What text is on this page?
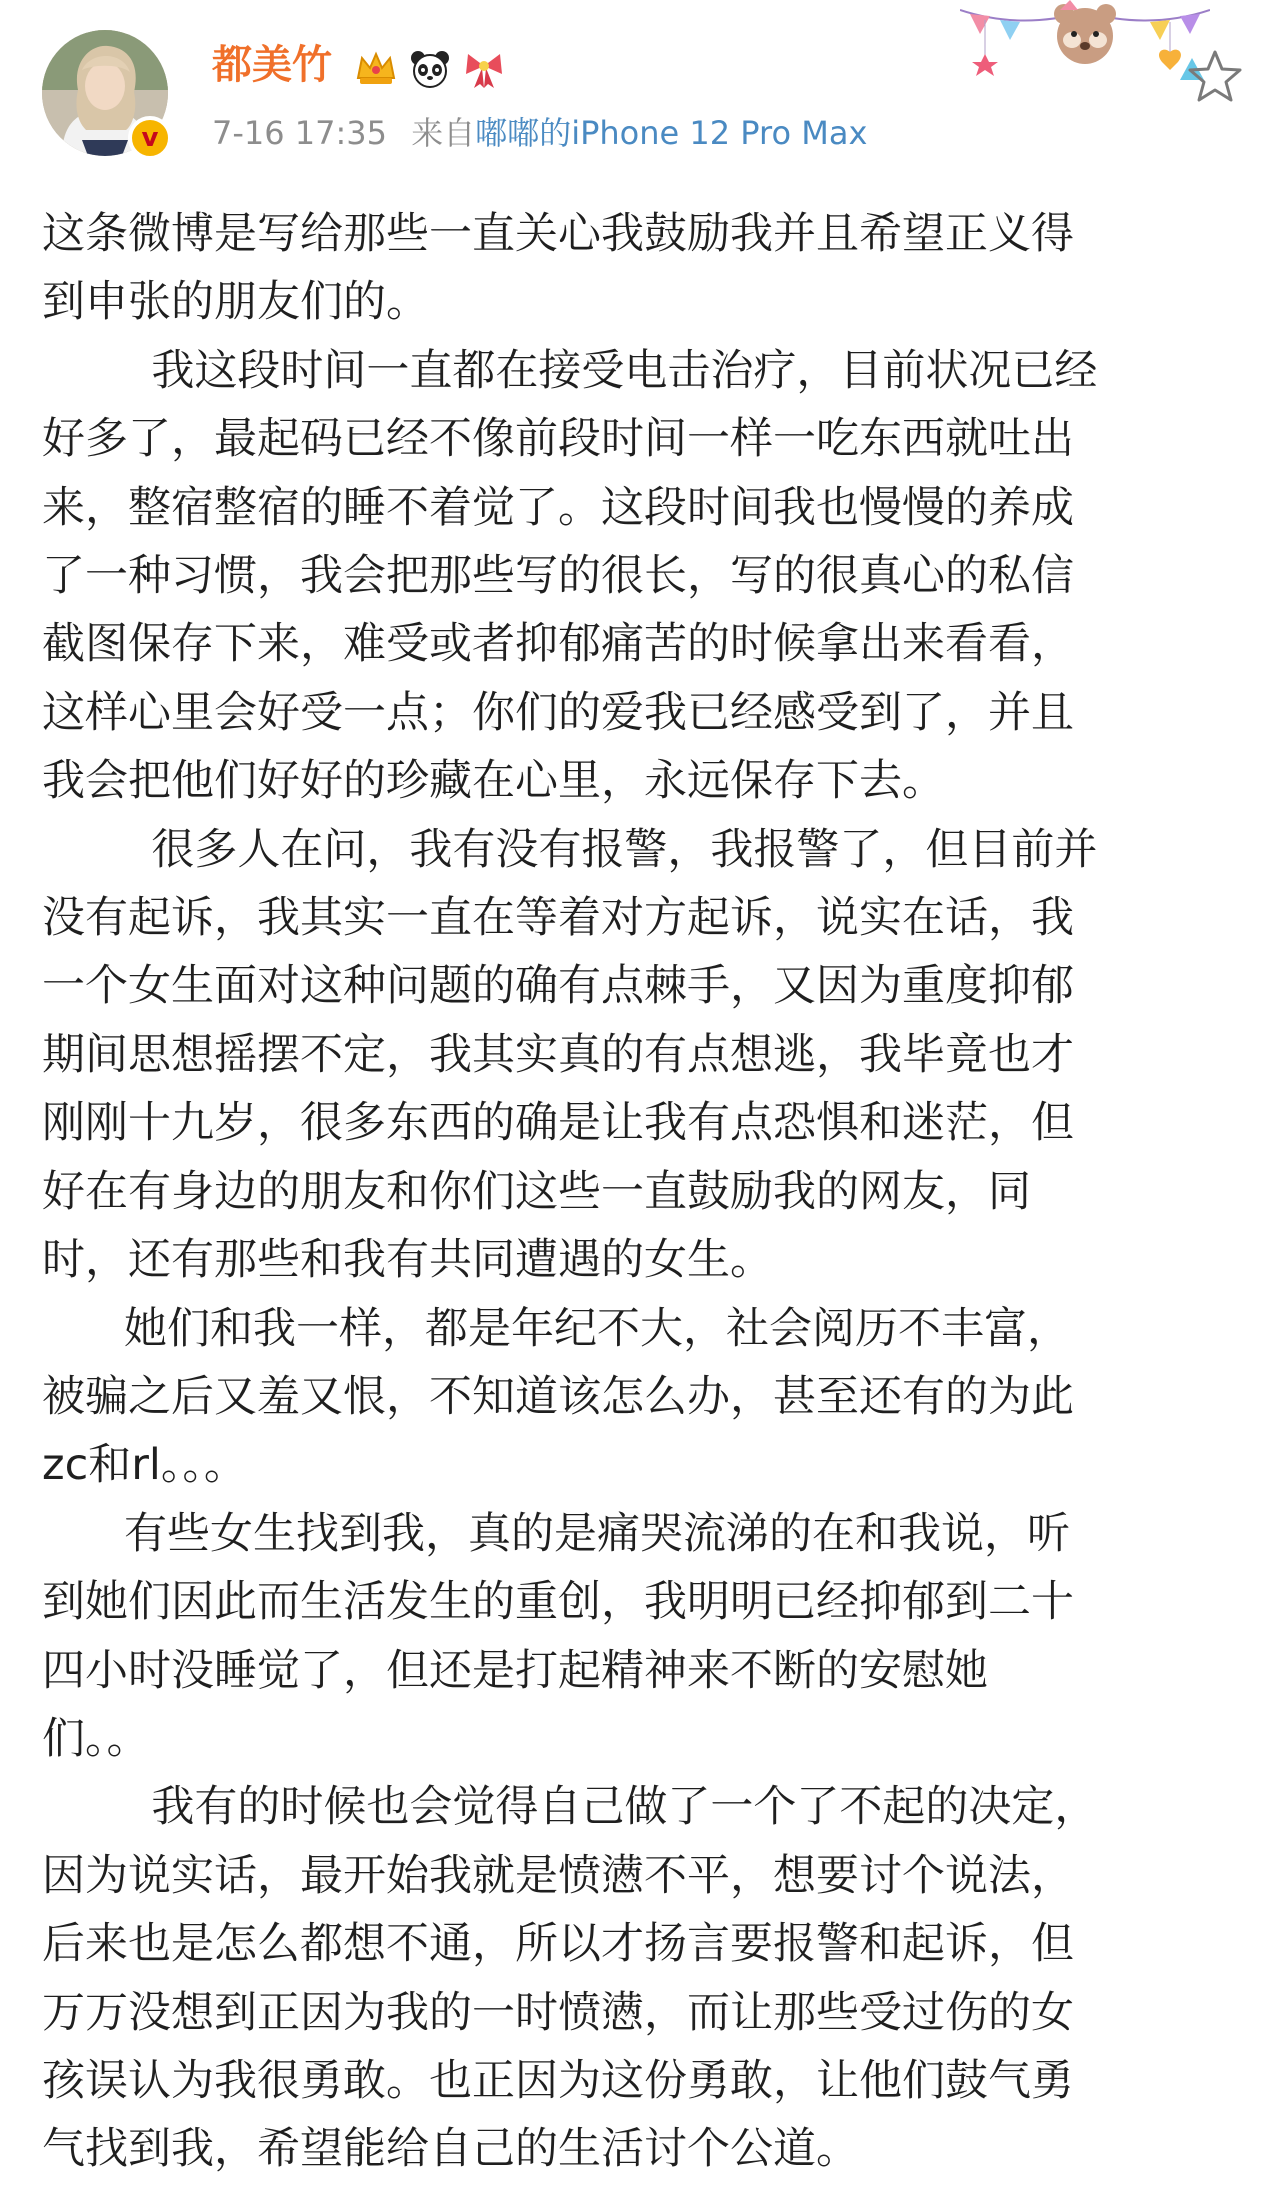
v
都美竹
7-16 17:35 来自嘟嘟的iPhone 12 Pro Max

这条微博是写给那些一直关心我鼓励我并且希望正义得
到申张的朋友们的。

我这段时间一直都在接受电击治疗，目前状况已经
好多了，最起码已经不像前段时间一样一吃东西就吐出
来，整宿整宿的睡不着觉了。这段时间我也慢慢的养成
了一种习惯，我会把那些写的很长，写的很真心的私信
截图保存下来，难受或者抑郁痛苦的时候拿出来看看，
这样心里会好受一点；你们的爱我已经感受到了，并且
我会把他们好好的珍藏在心里，永远保存下去。

很多人在问，我有没有报警，我报警了，但目前并
没有起诉，我其实一直在等着对方起诉，说实在话，我
一个女生面对这种问题的确有点棘手，又因为重度抑郁
期间思想摇摆不定，我其实真的有点想逃，我毕竟也才
刚刚十九岁，很多东西的确是让我有点恐惧和迷茫，但
好在有身边的朋友和你们这些一直鼓励我的网友，同
时，还有那些和我有共同遭遇的女生。

她们和我一样，都是年纪不大，社会阅历不丰富，
被骗之后又羞又恨，不知道该怎么办，甚至还有的为此
zc和rl。。。

有些女生找到我，真的是痛哭流涕的在和我说，听
到她们因此而生活发生的重创，我明明已经抑郁到二十
四小时没睡觉了，但还是打起精神来不断的安慰她
们。。

我有的时候也会觉得自己做了一个了不起的决定，
因为说实话，最开始我就是愤懑不平，想要讨个说法，
后来也是怎么都想不通，所以才扬言要报警和起诉，但
万万没想到正因为我的一时愤懑，而让那些受过伤的女
孩误认为我很勇敢。也正因为这份勇敢，让他们鼓气勇
气找到我，希望能给自己的生活讨个公道。
